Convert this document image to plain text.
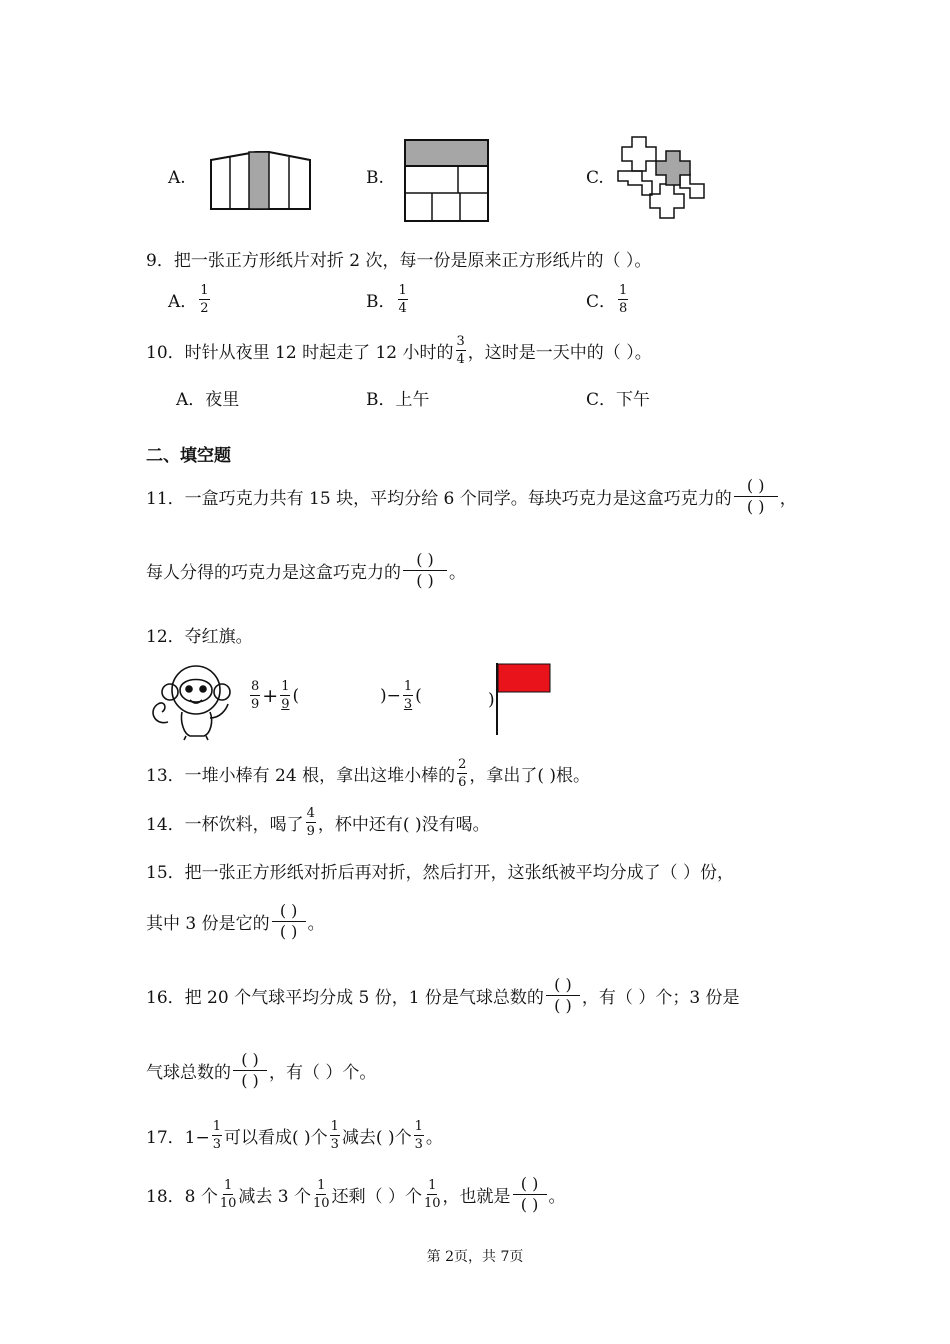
A.	B.	C.
9．把一张正方形纸片对折 2 次，每一份是原来正方形纸片的（ ）。
A． $\frac{1}{2}$	B． $\frac{1}{4}$	C． $\frac{1}{8}$
10．时针从夜里 12 时起走了 12 小时的 $\frac{3}{4}$ ，这时是一天中的（ ）。
A．夜里	B．上午	C．下午
二、填空题
11．一盒巧克力共有 15 块，平均分给 6 个同学。每块巧克力是这盒巧克力的 $\frac{( )}{( )}$ ，
每人分得的巧克力是这盒巧克力的 $\frac{( )}{( )}$ 。
12．夺红旗。
$\frac{8}{9} + \frac{1}{9}$ (	) − $\frac{1}{3}$ (	)
13．一堆小棒有 24 根，拿出这堆小棒的 $\frac{2}{6}$ ，拿出了( )根。
14．一杯饮料，喝了 $\frac{4}{9}$ ，杯中还有( )没有喝。
15．把一张正方形纸对折后再对折，然后打开，这张纸被平均分成了（ ）份，
其中 3 份是它的 $\frac{( )}{( )}$ 。
16．把 20 个气球平均分成 5 份，1 份是气球总数的 $\frac{( )}{( )}$ ，有（ ）个；3 份是
气球总数的 $\frac{( )}{( )}$ ，有（ ）个。
17．$1- \frac{1}{3}$ 可以看成( )个 $\frac{1}{3}$ 减去( )个 $\frac{1}{3}$ 。
18．8 个 $\frac{1}{10}$ 减去 3 个 $\frac{1}{10}$ 还剩（ ）个 $\frac{1}{10}$ ，也就是 $\frac{( )}{( )}$ 。
第 2页，共 7页
